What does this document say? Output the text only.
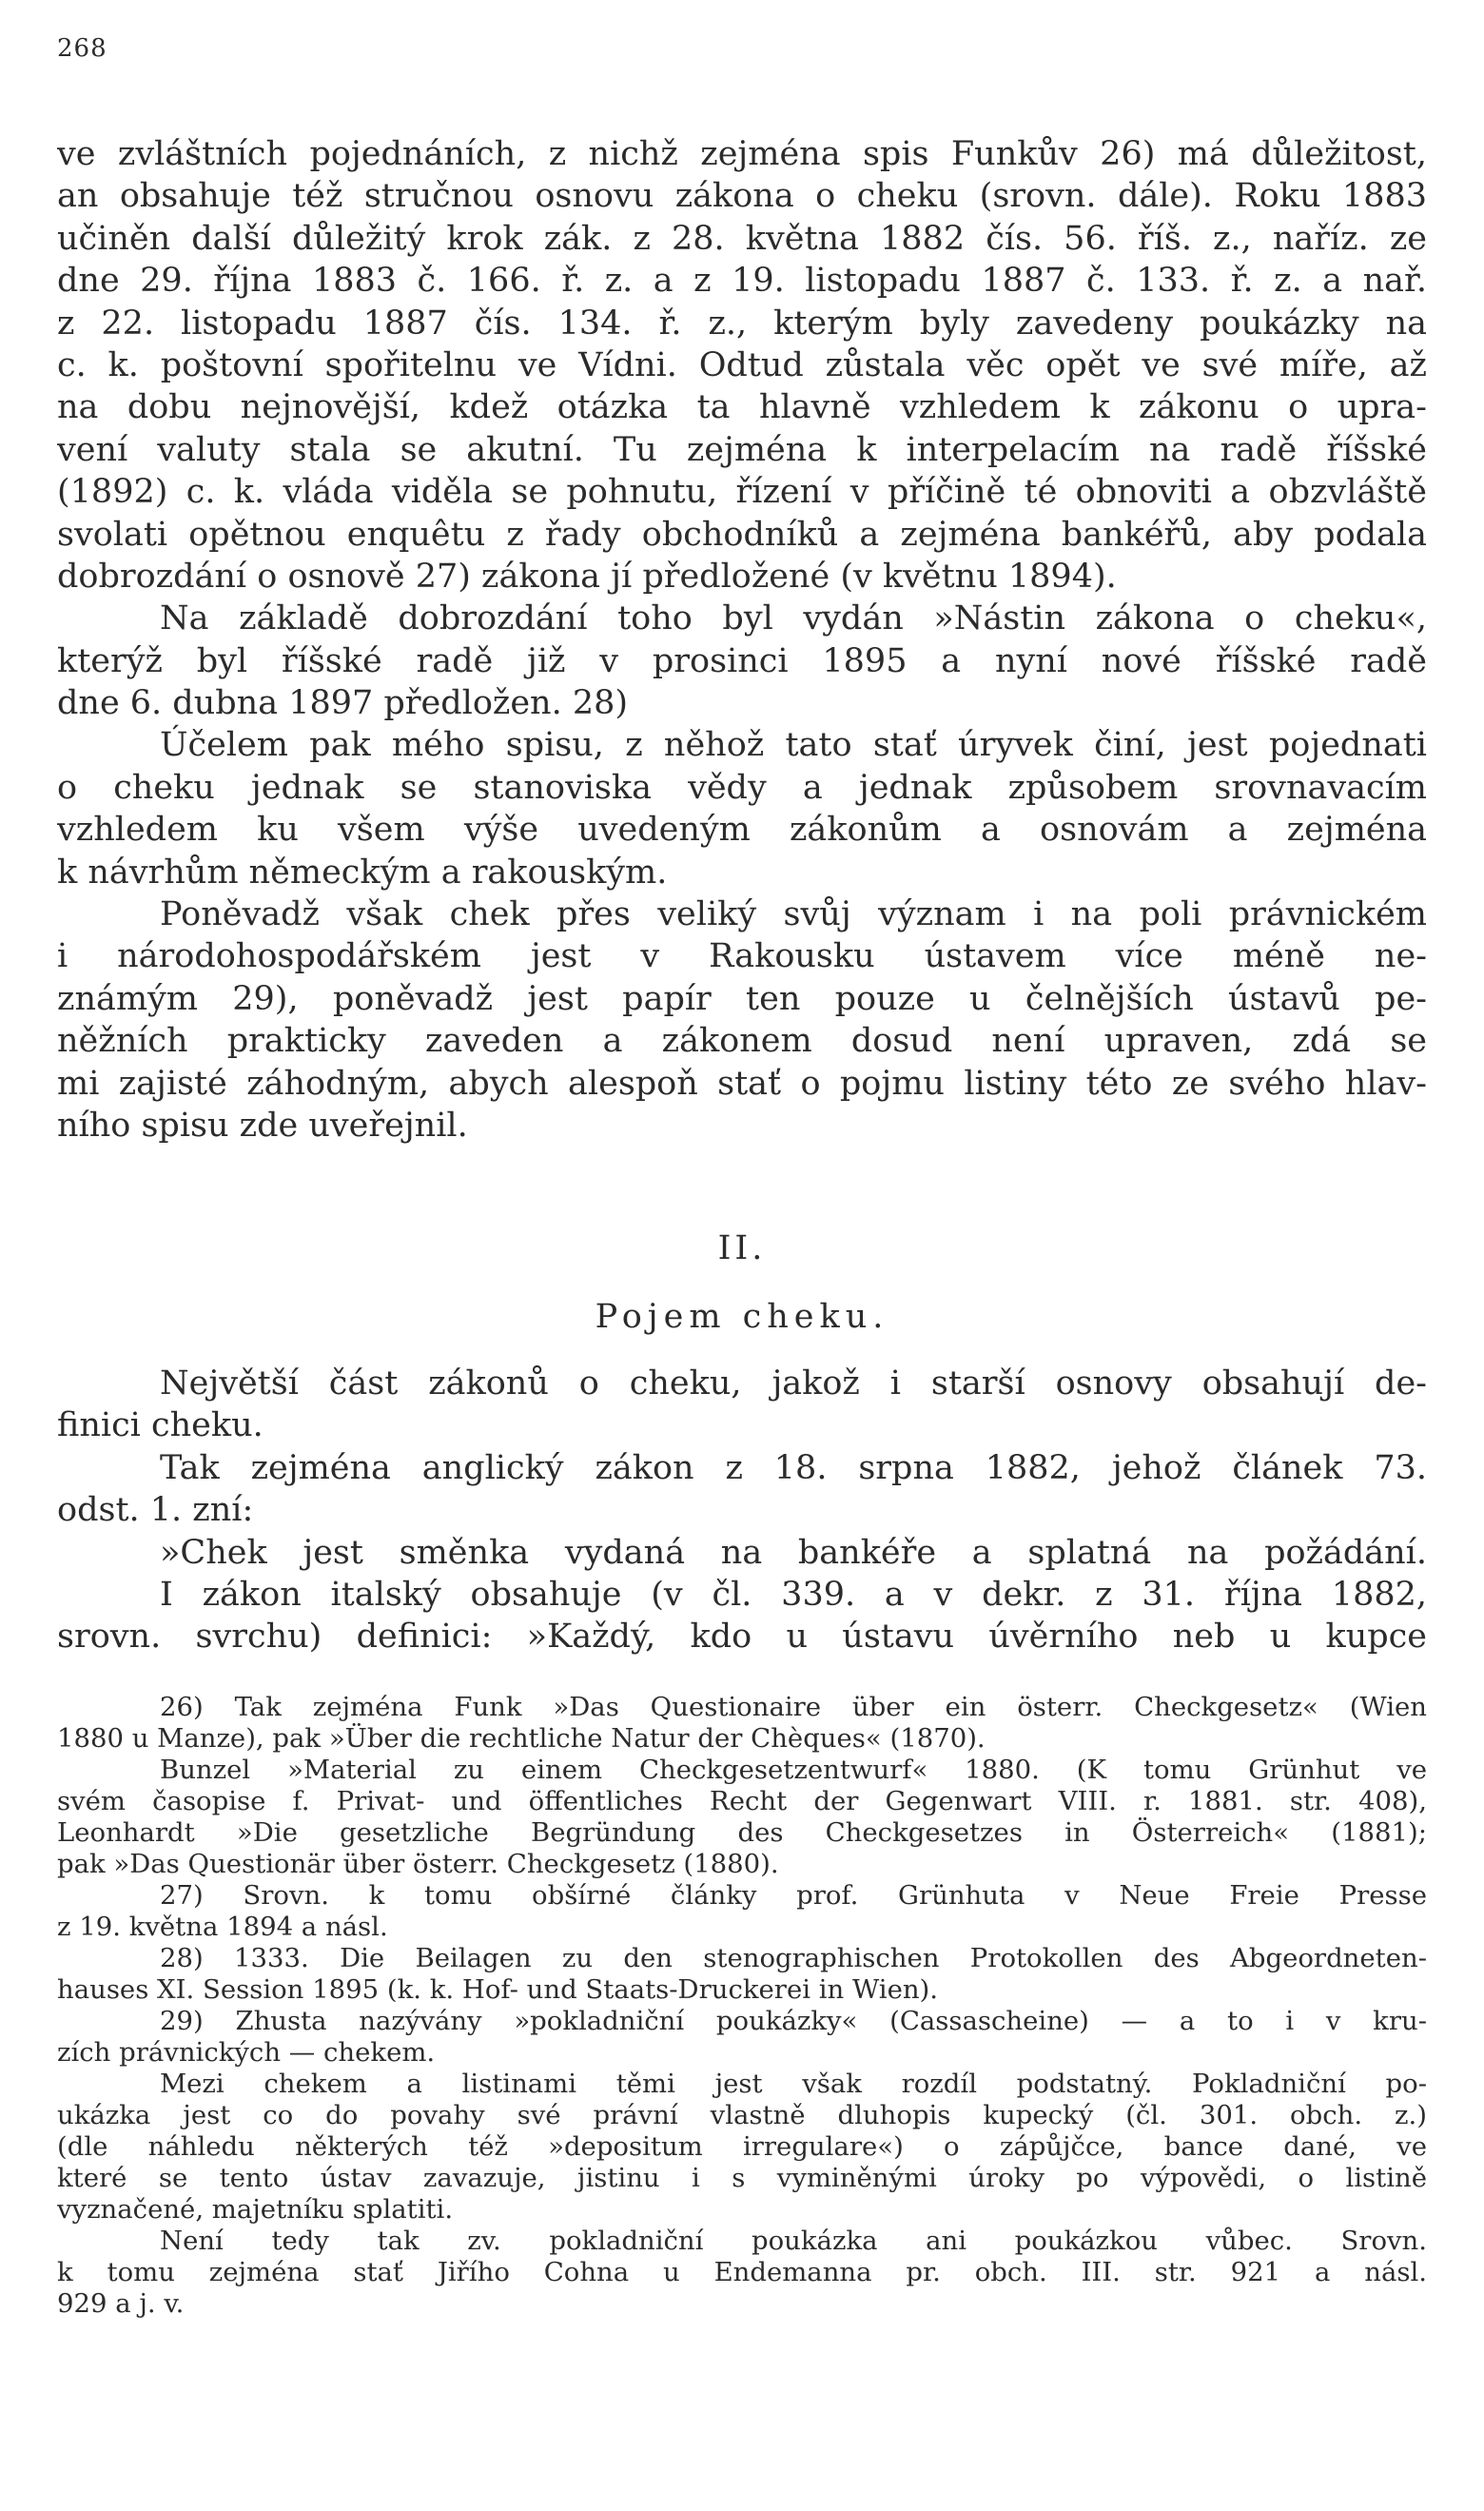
268
ve zvláštních pojednáních, z nichž zejména spis Funkův 26) má důležitost,
an obsahuje též stručnou osnovu zákona o cheku (srovn. dále). Roku 1883
učiněn další důležitý krok zák. z 28. května 1882 čís. 56. říš. z., naříz. ze
dne 29. října 1883 č. 166. ř. z. a z 19. listopadu 1887 č. 133. ř. z. a nař.
z 22. listopadu 1887 čís. 134. ř. z., kterým byly zavedeny poukázky na
c. k. poštovní spořitelnu ve Vídni. Odtud zůstala věc opět ve své míře, až
na dobu nejnovější, kdež otázka ta hlavně vzhledem k zákonu o upra-
vení valuty stala se akutní. Tu zejména k interpelacím na radě říšské
(1892) c. k. vláda viděla se pohnutu, řízení v příčině té obnoviti a obzvláště
svolati opětnou enquêtu z řady obchodníků a zejména bankéřů, aby podala
dobrozdání o osnově 27) zákona jí předložené (v květnu 1894).
Na základě dobrozdání toho byl vydán »Nástin zákona o cheku«,
kterýž byl říšské radě již v prosinci 1895 a nyní nové říšské radě
dne 6. dubna 1897 předložen. 28)
Účelem pak mého spisu, z něhož tato stať úryvek činí, jest pojednati
o cheku jednak se stanoviska vědy a jednak způsobem srovnavacím
vzhledem ku všem výše uvedeným zákonům a osnovám a zejména
k návrhům německým a rakouským.
Poněvadž však chek přes veliký svůj význam i na poli právnickém
i národohospodářském jest v Rakousku ústavem více méně ne-
známým 29), poněvadž jest papír ten pouze u čelnějších ústavů pe-
něžních prakticky zaveden a zákonem dosud není upraven, zdá se
mi zajisté záhodným, abych alespoň stať o pojmu listiny této ze svého hlav-
ního spisu zde uveřejnil.
II.
Pojem cheku.
Největší část zákonů o cheku, jakož i starší osnovy obsahují de-
finici cheku.
Tak zejména anglický zákon z 18. srpna 1882, jehož článek 73.
odst. 1. zní:
»Chek jest směnka vydaná na bankéře a splatná na požádání.
I zákon italský obsahuje (v čl. 339. a v dekr. z 31. října 1882,
srovn. svrchu) definici: »Každý, kdo u ústavu úvěrního neb u kupce
26) Tak zejména Funk »Das Questionaire über ein österr. Checkgesetz« (Wien
1880 u Manze), pak »Über die rechtliche Natur der Chèques« (1870).
Bunzel »Material zu einem Checkgesetzentwurf« 1880. (K tomu Grünhut ve
svém časopise f. Privat- und öffentliches Recht der Gegenwart VIII. r. 1881. str. 408),
Leonhardt »Die gesetzliche Begründung des Checkgesetzes in Österreich« (1881);
pak »Das Questionär über österr. Checkgesetz (1880).
27) Srovn. k tomu obšírné články prof. Grünhuta v Neue Freie Presse
z 19. května 1894 a násl.
28) 1333. Die Beilagen zu den stenographischen Protokollen des Abgeordneten-
hauses XI. Session 1895 (k. k. Hof- und Staats-Druckerei in Wien).
29) Zhusta nazývány »pokladniční poukázky« (Cassascheine) — a to i v kru-
zích právnických — chekem.
Mezi chekem a listinami těmi jest však rozdíl podstatný. Pokladniční po-
ukázka jest co do povahy své právní vlastně dluhopis kupecký (čl. 301. obch. z.)
(dle náhledu některých též »depositum irregulare«) o zápůjčce, bance dané, ve
které se tento ústav zavazuje, jistinu i s vyminěnými úroky po výpovědi, o listině
vyznačené, majetníku splatiti.
Není tedy tak zv. pokladniční poukázka ani poukázkou vůbec. Srovn.
k tomu zejména stať Jiřího Cohna u Endemanna pr. obch. III. str. 921 a násl.
929 a j. v.
